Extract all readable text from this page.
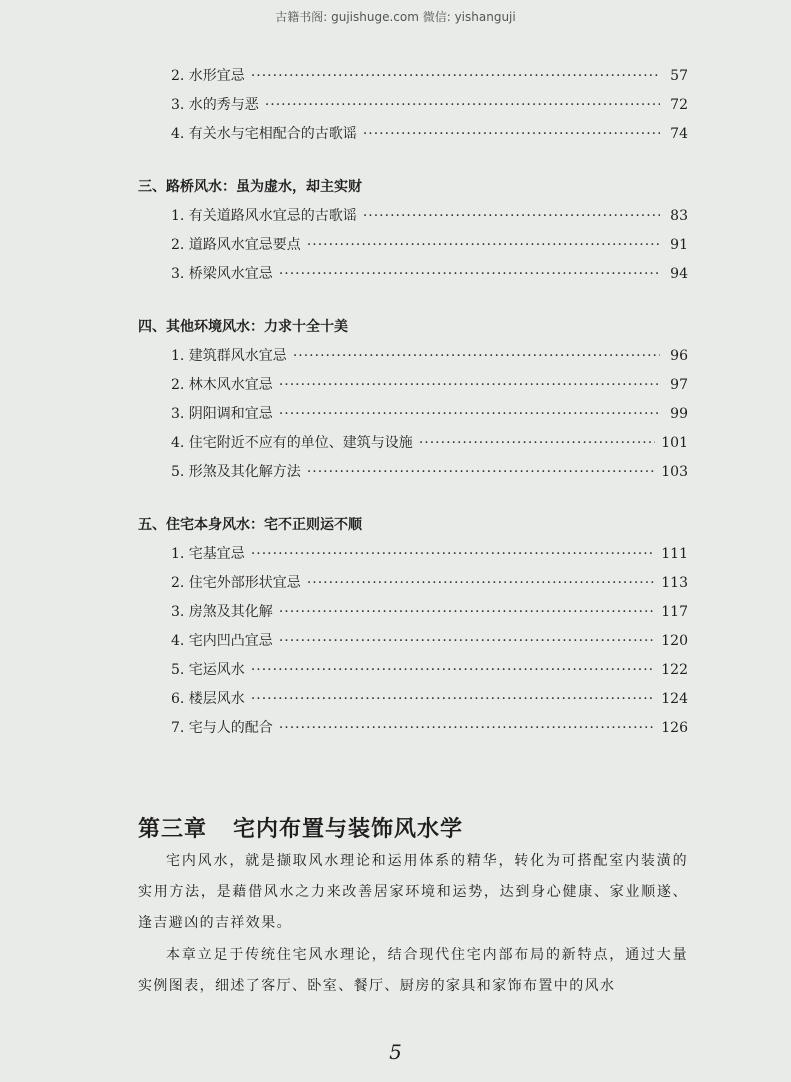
古籍书阁: gujishuge.com 微信: yishanguji
2. 水形宜忌 ·····	57
3. 水的秀与恶 ·····	72
4. 有关水与宅相配合的古歌谣 ·····	74
三、路桥风水：虽为虚水，却主实财
1. 有关道路风水宜忌的古歌谣 ·····	83
2. 道路风水宜忌要点 ·····	91
3. 桥梁风水宜忌 ·····	94
四、其他环境风水：力求十全十美
1. 建筑群风水宜忌 ·····	96
2. 林木风水宜忌 ·····	97
3. 阴阳调和宜忌 ·····	99
4. 住宅附近不应有的单位、建筑与设施 ·····	101
5. 形煞及其化解方法 ·····	103
五、住宅本身风水：宅不正则运不顺
1. 宅基宜忌 ·····	111
2. 住宅外部形状宜忌 ·····	113
3. 房煞及其化解 ·····	117
4. 宅内凹凸宜忌 ·····	120
5. 宅运风水 ·····	122
6. 楼层风水 ·····	124
7. 宅与人的配合 ·····	126
第三章 宅内布置与装饰风水学

宅内风水，就是撷取风水理论和运用体系的精华，转化为可搭配室内装潢的实用方法，是藉借风水之力来改善居家环境和运势，达到身心健康、家业顺遂、逢吉避凶的吉祥效果。

本章立足于传统住宅风水理论，结合现代住宅内部布局的新特点，通过大量实例图表，细述了客厅、卧室、餐厅、厨房的家具和家饰布置中的风水

5
